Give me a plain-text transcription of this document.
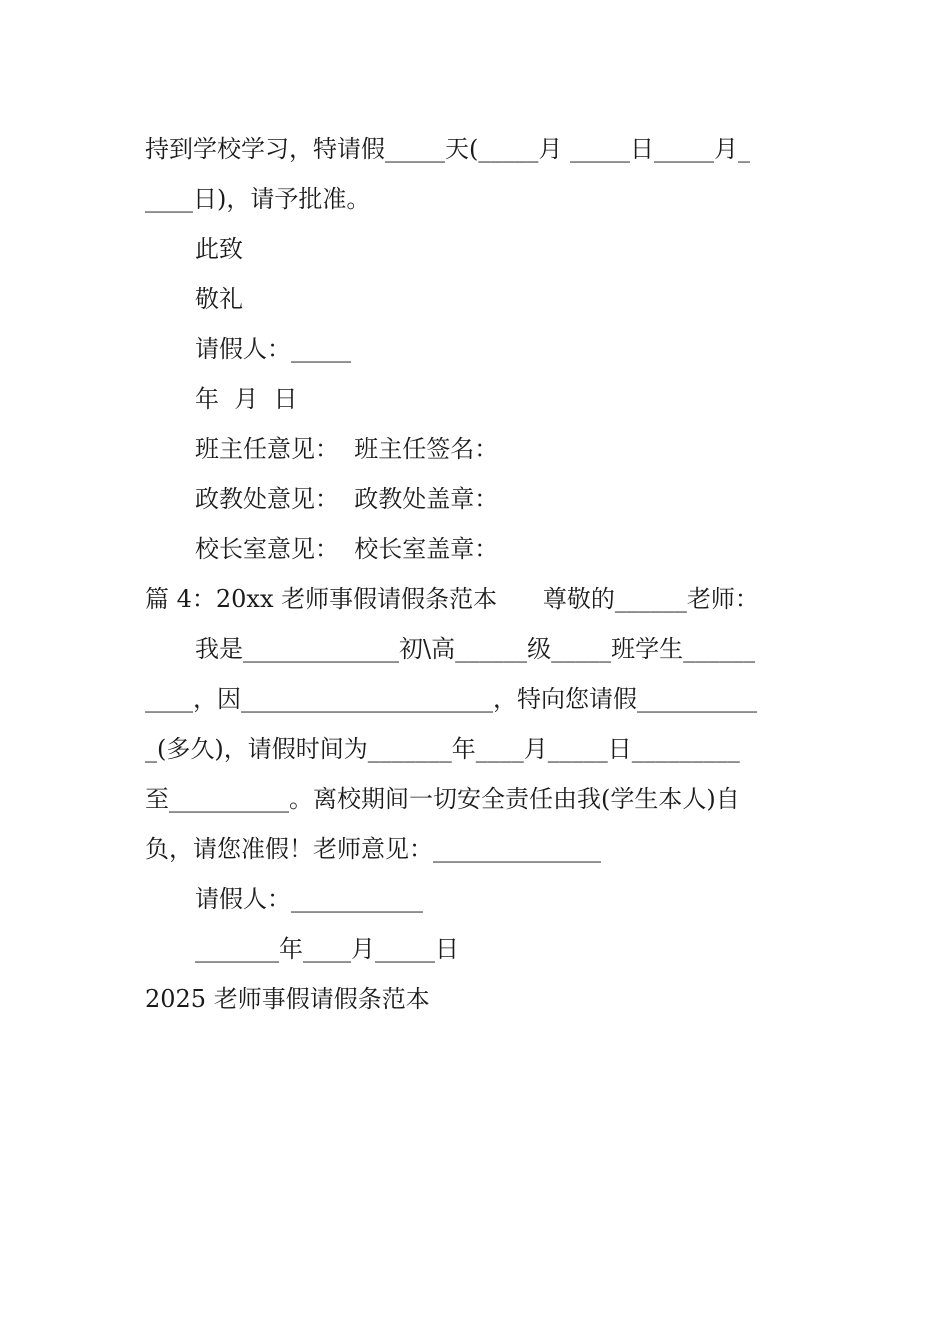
持到学校学习，特请假_____天(_____月 _____日_____月_
____日)，请予批准。
此致
敬礼
请假人：_____
年  月  日
班主任意见：  班主任签名：
政教处意见：  政教处盖章：
校长室意见：  校长室盖章：
篇 4：20xx 老师事假请假条范本      尊敬的______老师：
我是_____________初\高______级_____班学生______
____，因_____________________，特向您请假__________
_(多久)，请假时间为_______年____月_____日_________
至__________。离校期间一切安全责任由我(学生本人)自
负，请您准假！老师意见：______________
请假人：___________
_______年____月_____日
2025 老师事假请假条范本
